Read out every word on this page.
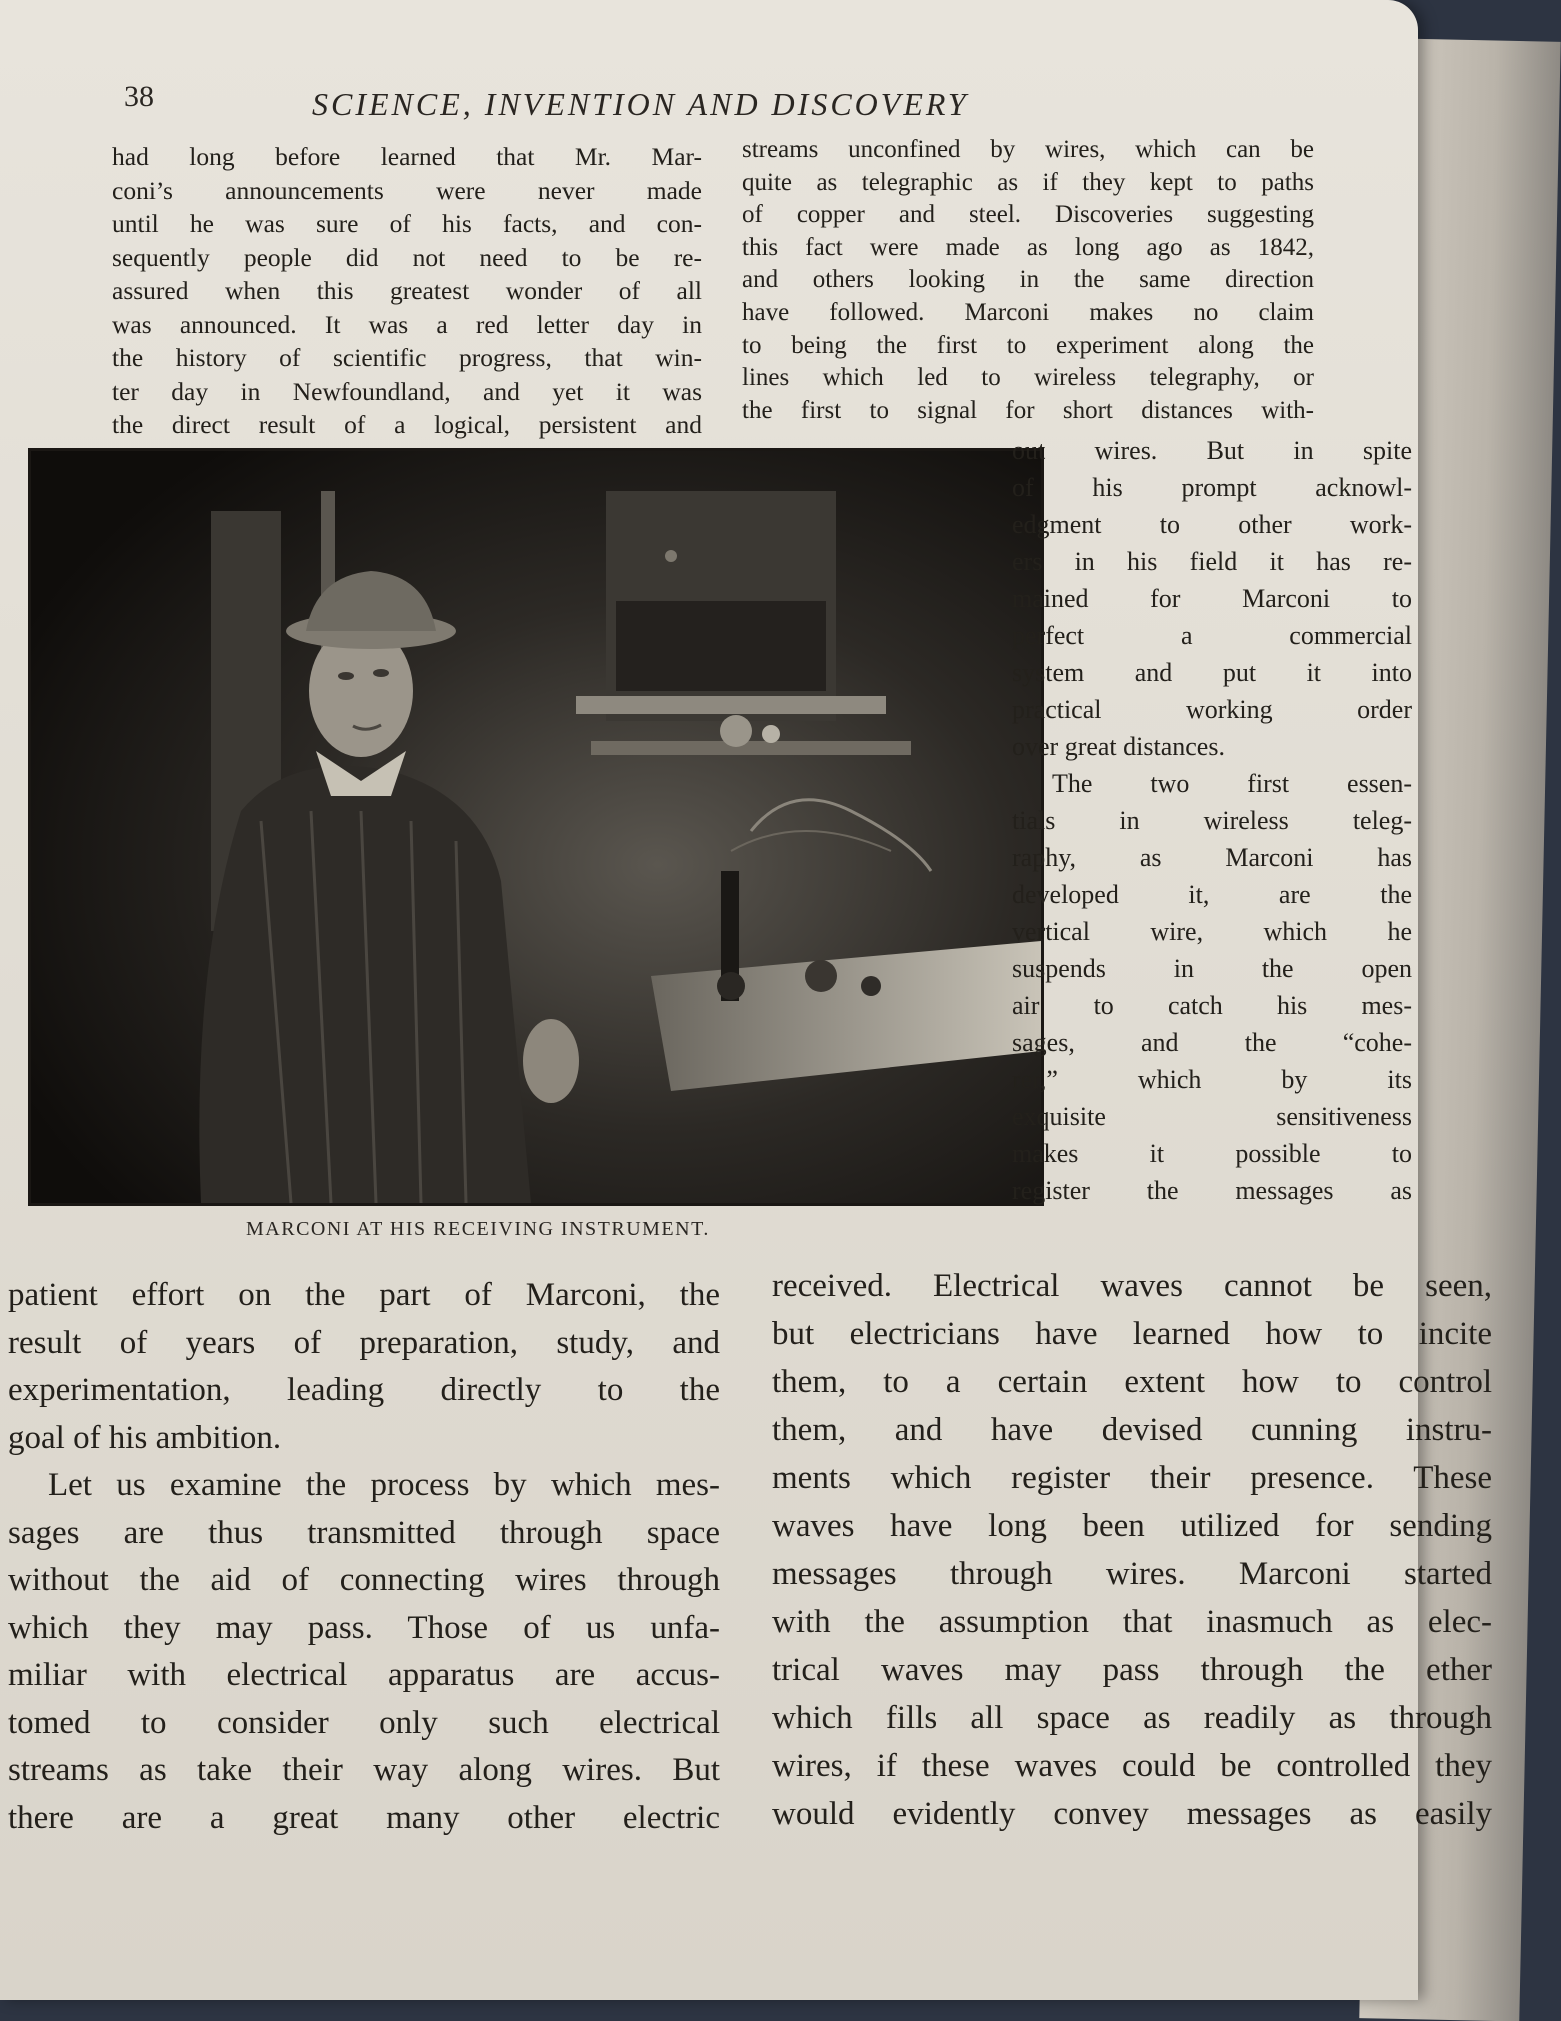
38	SCIENCE, INVENTION AND DISCOVERY
had long before learned that Mr. Mar-
coni’s announcements were never made
until he was sure of his facts, and con-
sequently people did not need to be re-
assured when this greatest wonder of all
was announced. It was a red letter day in
the history of scientific progress, that win-
ter day in Newfoundland, and yet it was
the direct result of a logical, persistent and
streams unconfined by wires, which can be
quite as telegraphic as if they kept to paths
of copper and steel. Discoveries suggesting
this fact were made as long ago as 1842,
and others looking in the same direction
have followed. Marconi makes no claim
to being the first to experiment along the
lines which led to wireless telegraphy, or
the first to signal for short distances with-
MARCONI AT HIS RECEIVING INSTRUMENT.
out wires. But in spite
of his prompt acknowl-
edgment to other work-
ers in his field it has re-
mained for Marconi to
perfect a commercial
system and put it into
practical working order
over great distances.
The two first essen-
tials in wireless teleg-
raphy, as Marconi has
developed it, are the
vertical wire, which he
suspends in the open
air to catch his mes-
sages, and the “cohe-
rer,” which by its
exquisite sensitiveness
makes it possible to
register the messages as
patient effort on the part of Marconi, the
result of years of preparation, study, and
experimentation, leading directly to the
goal of his ambition.
Let us examine the process by which mes-
sages are thus transmitted through space
without the aid of connecting wires through
which they may pass. Those of us unfa-
miliar with electrical apparatus are accus-
tomed to consider only such electrical
streams as take their way along wires. But
there are a great many other electric
received. Electrical waves cannot be seen,
but electricians have learned how to incite
them, to a certain extent how to control
them, and have devised cunning instru-
ments which register their presence. These
waves have long been utilized for sending
messages through wires. Marconi started
with the assumption that inasmuch as elec-
trical waves may pass through the ether
which fills all space as readily as through
wires, if these waves could be controlled they
would evidently convey messages as easily
